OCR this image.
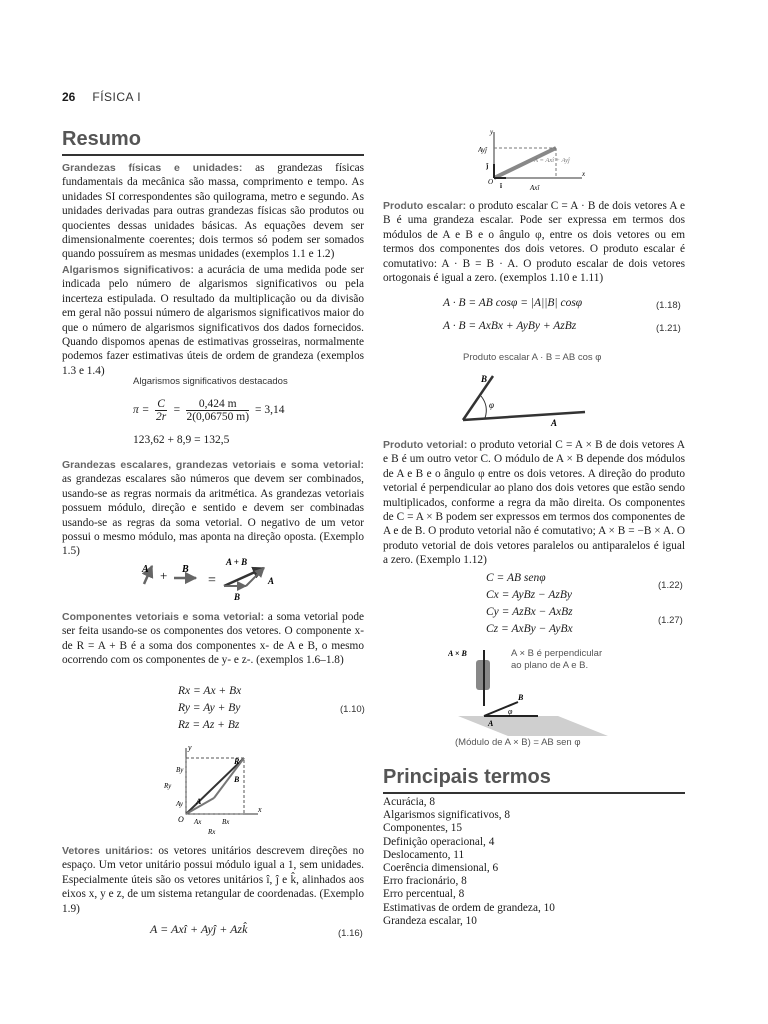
26 FÍSICA I
Resumo
Grandezas físicas e unidades: as grandezas físicas fundamentais da mecânica são massa, comprimento e tempo. As unidades SI correspondentes são quilograma, metro e segundo. As unidades derivadas para outras grandezas físicas são produtos ou quocientes dessas unidades básicas. As equações devem ser dimensionalmente coerentes; dois termos só podem ser somados quando possuírem as mesmas unidades (exemplos 1.1 e 1.2)
Algarismos significativos: a acurácia de uma medida pode ser indicada pelo número de algarismos significativos ou pela incerteza estipulada. O resultado da multiplicação ou da divisão em geral não possui número de algarismos significativos maior do que o número de algarismos significativos dos dados fornecidos. Quando dispomos apenas de estimativas grosseiras, normalmente podemos fazer estimativas úteis de ordem de grandeza (exemplos 1.3 e 1.4)
Algarismos significativos destacados
$\pi = \frac{C}{2r} = \frac{0,424 m}{2(0,06750 m)} = 3,14$
123,62 + 8,9 = 132,5
Grandezas escalares, grandezas vetoriais e soma vetorial: as grandezas escalares são números que devem ser combinados, usando-se as regras normais da aritmética. As grandezas vetoriais possuem módulo, direção e sentido e devem ser combinadas usando-se as regras da soma vetorial. O negativo de um vetor possui o mesmo módulo, mas aponta na direção oposta. (Exemplo 1.5)
A + B
=
A + B
B
A
Componentes vetoriais e soma vetorial: a soma vetorial pode ser feita usando-se os componentes dos vetores. O componente x- de R = A + B é a soma dos componentes x- de A e B, o mesmo ocorrendo com os componentes de y- e z-. (exemplos 1.6–1.8)
Rx = Ax + Bx
Ry = Ay + By
Rz = Az + Bz
(1.10)
x
y
O
R
A
B
By
Ry
Ay
Ax	Bx
Rx
Vetores unitários: os vetores unitários descrevem direções no espaço. Um vetor unitário possui módulo igual a 1, sem unidades. Especialmente úteis são os vetores unitários î, ĵ e k̂, alinhados aos eixos x, y e z, de um sistema retangular de coordenadas. (Exemplo 1.9)
A = Axî + Ayĵ + Azk̂	(1.16)
x
y
O
ĵ
î
Ayĵ
Axî
A = Axî + Ayĵ
Produto escalar: o produto escalar C = A · B de dois vetores A e B é uma grandeza escalar. Pode ser expressa em termos dos módulos de A e B e o ângulo φ, entre os dois vetores ou em termos dos componentes dos dois vetores. O produto escalar é comutativo: A · B = B · A. O produto escalar de dois vetores ortogonais é igual a zero. (exemplos 1.10 e 1.11)
A · B = AB cosφ = |A||B| cosφ	(1.18)
A · B = AxBx + AyBy + AzBz	(1.21)
Produto escalar A · B = AB cos φ
φ
B
A
Produto vetorial: o produto vetorial C = A × B de dois vetores A e B é um outro vetor C. O módulo de A × B depende dos módulos de A e B e o ângulo φ entre os dois vetores. A direção do produto vetorial é perpendicular ao plano dos dois vetores que estão sendo multiplicados, conforme a regra da mão direita. Os componentes de C = A × B podem ser expressos em termos dos componentes de A e de B. O produto vetorial não é comutativo; A × B = −B × A. O produto vetorial de dois vetores paralelos ou antiparalelos é igual a zero. (Exemplo 1.12)
C = AB senφ
Cx = AyBz − AzBy
Cy = AzBx − AxBz
Cz = AxBy − AyBx
(1.22)
(1.27)
φ
B
A
A × B	A × B é perpendicular
ao plano de A e B.
(Módulo de A × B) = AB sen φ
Principais termos
Acurácia, 8
Algarismos significativos, 8
Componentes, 15
Definição operacional, 4
Deslocamento, 11
Coerência dimensional, 6
Erro fracionário, 8
Erro percentual, 8
Estimativas de ordem de grandeza, 10
Grandeza escalar, 10
